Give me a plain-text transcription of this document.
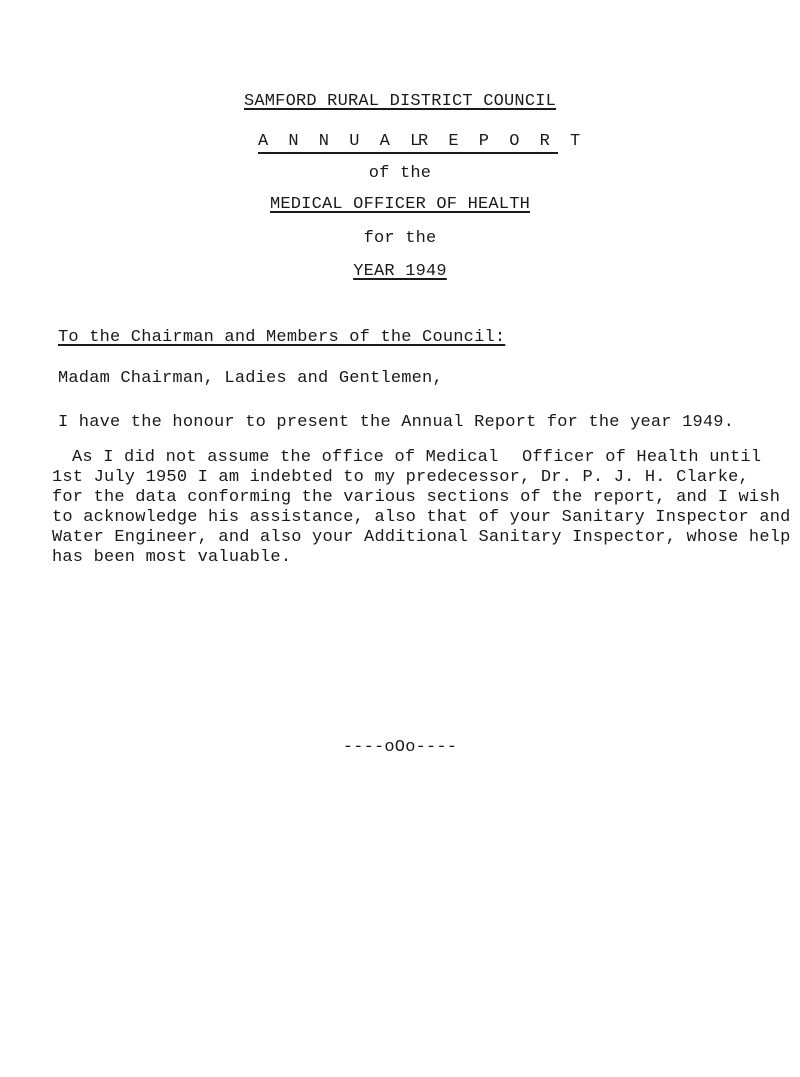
SAMFORD RURAL DISTRICT COUNCIL
A N N U A L
R E P O R T
of the
MEDICAL OFFICER OF HEALTH
for the
YEAR 1949
To the Chairman and Members of the Council:
Madam Chairman, Ladies and Gentlemen,
I have the honour to present the Annual Report for the year 1949.
As I did not assume the office of Medical Officer of Health until
1st July 1950 I am indebted to my predecessor, Dr. P. J. H. Clarke,
for the data conforming the various sections of the report, and I wish
to acknowledge his assistance, also that of your Sanitary Inspector and
Water Engineer, and also your Additional Sanitary Inspector, whose help
has been most valuable.
----oOo----
